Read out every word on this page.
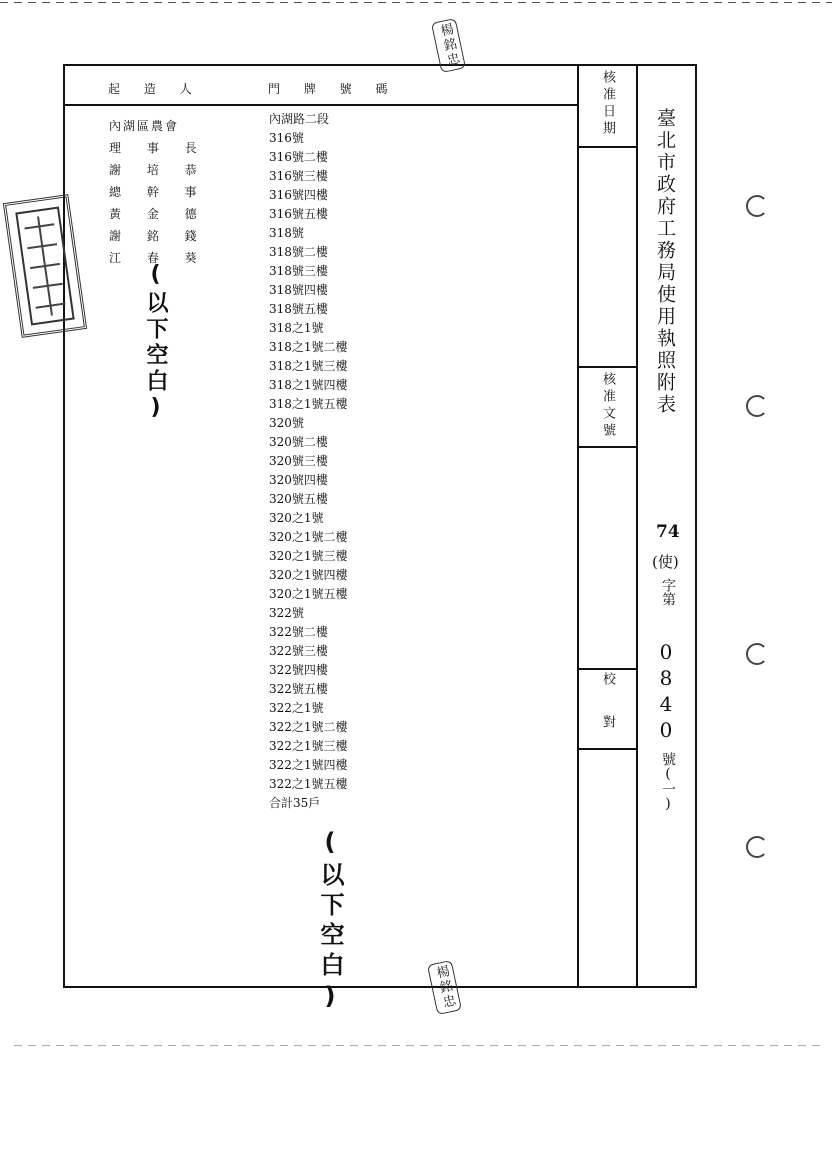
起 造 人	門 牌 號 碼
內湖區農會
理 事 長
謝 培 恭
總 幹 事
黃 金 德
謝 銘 錢
江 春 葵
(以下空白)
內湖路二段
316號
316號二樓
316號三樓
316號四樓
316號五樓
318號
318號二樓
318號三樓
318號四樓
318號五樓
318之1號
318之1號二樓
318之1號三樓
318之1號四樓
318之1號五樓
320號
320號二樓
320號三樓
320號四樓
320號五樓
320之1號
320之1號二樓
320之1號三樓
320之1號四樓
320之1號五樓
322號
322號二樓
322號三樓
322號四樓
322號五樓
322之1號
322之1號二樓
322之1號三樓
322之1號四樓
322之1號五樓
合計35戶
(以下空白)
核准日期
核准文號
校對
臺北市政府工務局使用執照附表
74
(使)
字第
0840
號(一)
楊銘忠
楊銘忠
